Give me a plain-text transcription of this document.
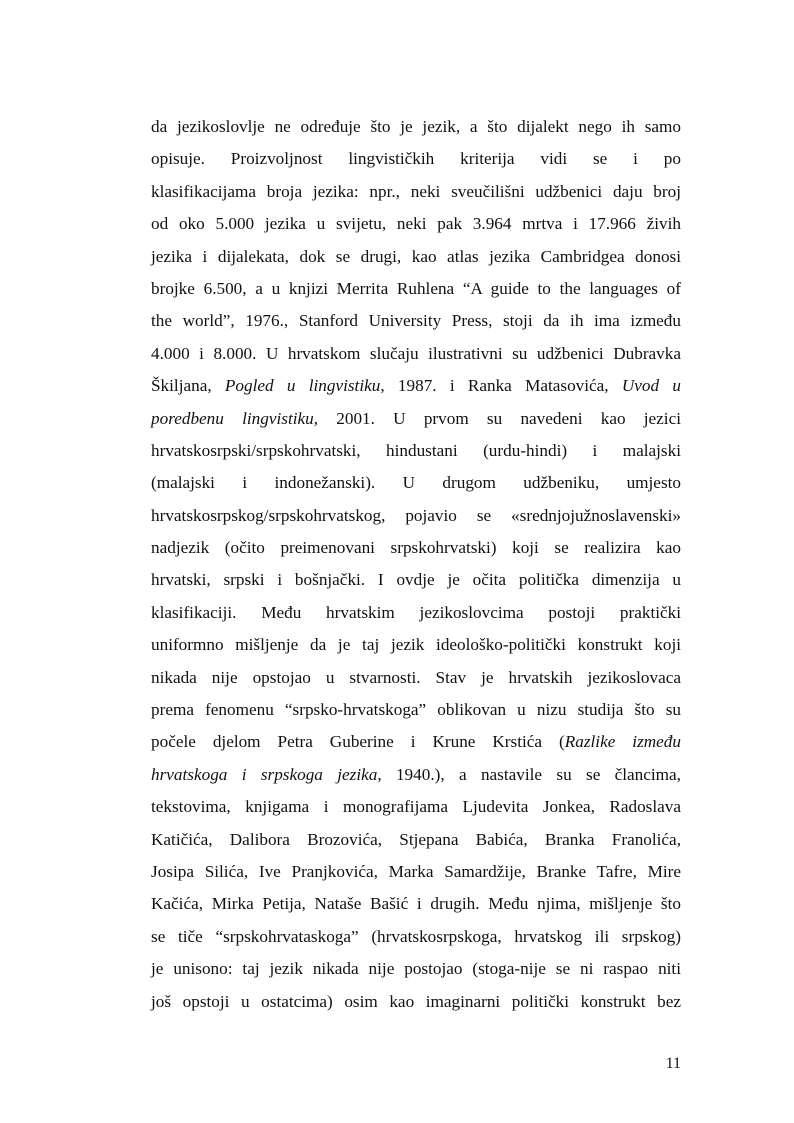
da jezikoslovlje ne određuje što je jezik, a što dijalekt nego ih samo
opisuje. Proizvoljnost lingvističkih kriterija vidi se i po
klasifikacijama broja jezika: npr., neki sveučilišni udžbenici daju broj
od oko 5.000 jezika u svijetu, neki pak 3.964 mrtva i 17.966 živih
jezika i dijalekata, dok se drugi, kao atlas jezika Cambridgea donosi
brojke 6.500, a u knjizi Merrita Ruhlena “A guide to the languages of
the world”, 1976., Stanford University Press, stoji da ih ima između
4.000 i 8.000. U hrvatskom slučaju ilustrativni su udžbenici Dubravka
Škiljana, Pogled u lingvistiku, 1987. i Ranka Matasovića, Uvod u
poredbenu lingvistiku, 2001. U prvom su navedeni kao jezici
hrvatskosrpski/srpskohrvatski, hindustani (urdu-hindi) i malajski
(malajski i indonežanski). U drugom udžbeniku, umjesto
hrvatskosrpskog/srpskohrvatskog, pojavio se «srednjojužnoslavenski»
nadjezik (očito preimenovani srpskohrvatski) koji se realizira kao
hrvatski, srpski i bošnjački. I ovdje je očita politička dimenzija u
klasifikaciji. Među hrvatskim jezikoslovcima postoji praktički
uniformno mišljenje da je taj jezik ideološko-politički konstrukt koji
nikada nije opstojao u stvarnosti. Stav je hrvatskih jezikoslovaca
prema fenomenu “srpsko-hrvatskoga” oblikovan u nizu studija što su
počele djelom Petra Guberine i Krune Krstića (Razlike između
hrvatskoga i srpskoga jezika, 1940.), a nastavile su se člancima,
tekstovima, knjigama i monografijama Ljudevita Jonkea, Radoslava
Katičića, Dalibora Brozovića, Stjepana Babića, Branka Franolića,
Josipa Silića, Ive Pranjkovića, Marka Samardžije, Branke Tafre, Mire
Kačića, Mirka Petija, Nataše Bašić i drugih. Među njima, mišljenje što
se tiče “srpskohrvataskoga” (hrvatskosrpskoga, hrvatskog ili srpskog)
je unisono: taj jezik nikada nije postojao (stoga-nije se ni raspao niti
još opstoji u ostatcima) osim kao imaginarni politički konstrukt bez
11
